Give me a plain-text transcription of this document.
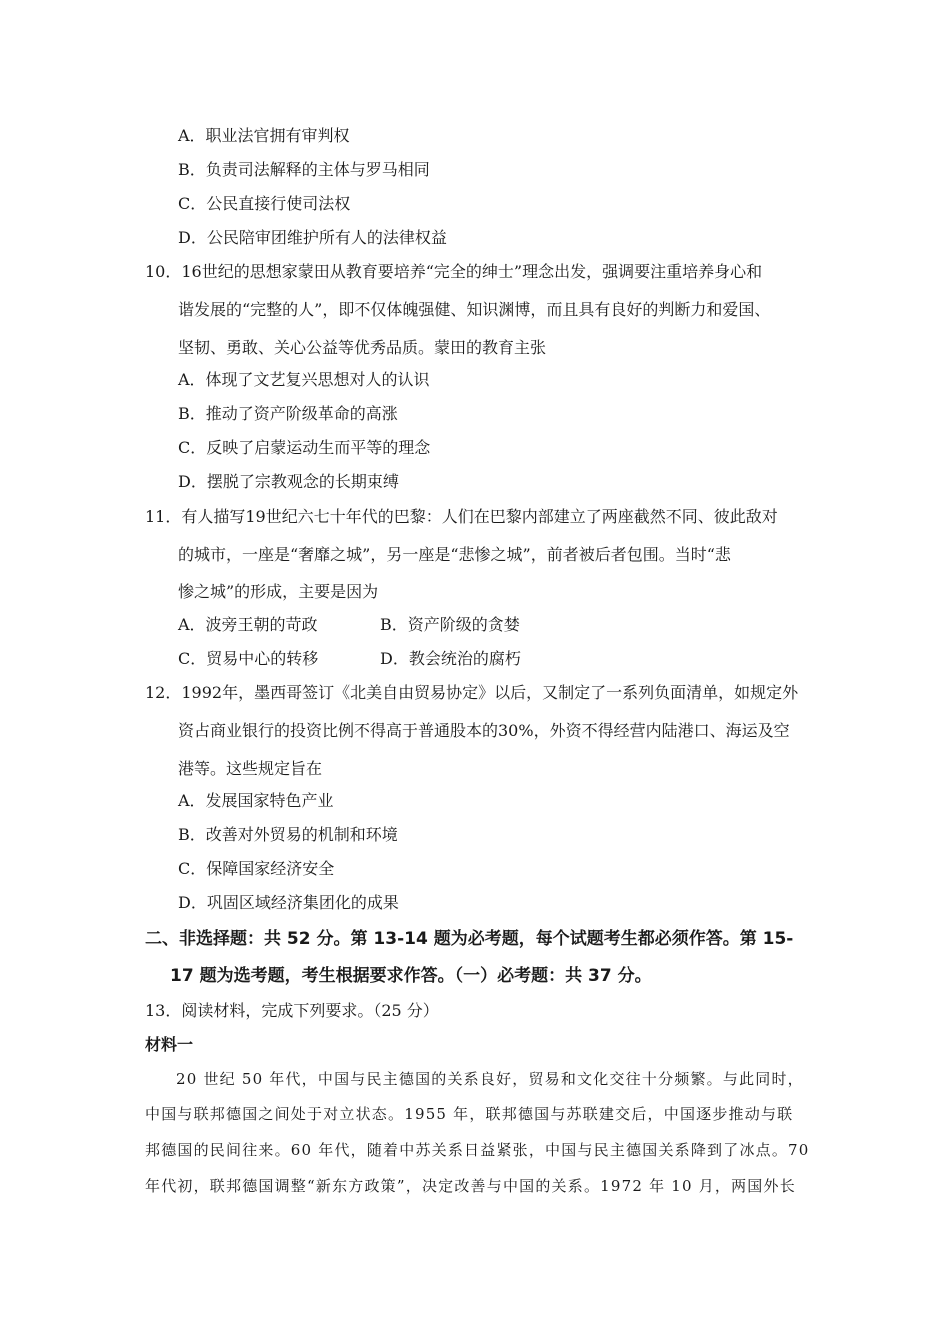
A．职业法官拥有审判权
B．负责司法解释的主体与罗马相同
C．公民直接行使司法权
D．公民陪审团维护所有人的法律权益
10．16世纪的思想家蒙田从教育要培养“完全的绅士”理念出发，强调要注重培养身心和
谐发展的“完整的人”，即不仅体魄强健、知识渊博，而且具有良好的判断力和爱国、
坚韧、勇敢、关心公益等优秀品质。蒙田的教育主张
A．体现了文艺复兴思想对人的认识
B．推动了资产阶级革命的高涨
C．反映了启蒙运动生而平等的理念
D．摆脱了宗教观念的长期束缚
11．有人描写19世纪六七十年代的巴黎：人们在巴黎内部建立了两座截然不同、彼此敌对
的城市，一座是“奢靡之城”，另一座是“悲惨之城”，前者被后者包围。当时“悲
惨之城”的形成，主要是因为
A．波旁王朝的苛政	B．资产阶级的贪婪
C．贸易中心的转移	D．教会统治的腐朽
12．1992年，墨西哥签订《北美自由贸易协定》以后，又制定了一系列负面清单，如规定外
资占商业银行的投资比例不得高于普通股本的30%，外资不得经营内陆港口、海运及空
港等。这些规定旨在
A．发展国家特色产业
B．改善对外贸易的机制和环境
C．保障国家经济安全
D．巩固区域经济集团化的成果
二、非选择题：共 52 分。第 13-14 题为必考题，每个试题考生都必须作答。第 15-
17 题为选考题，考生根据要求作答。（一）必考题：共 37 分。
13．阅读材料，完成下列要求。（25 分）
材料一
20 世纪 50 年代，中国与民主德国的关系良好，贸易和文化交往十分频繁。与此同时，
中国与联邦德国之间处于对立状态。1955 年，联邦德国与苏联建交后，中国逐步推动与联
邦德国的民间往来。60 年代，随着中苏关系日益紧张，中国与民主德国关系降到了冰点。70
年代初，联邦德国调整“新东方政策”，决定改善与中国的关系。1972 年 10 月，两国外长
